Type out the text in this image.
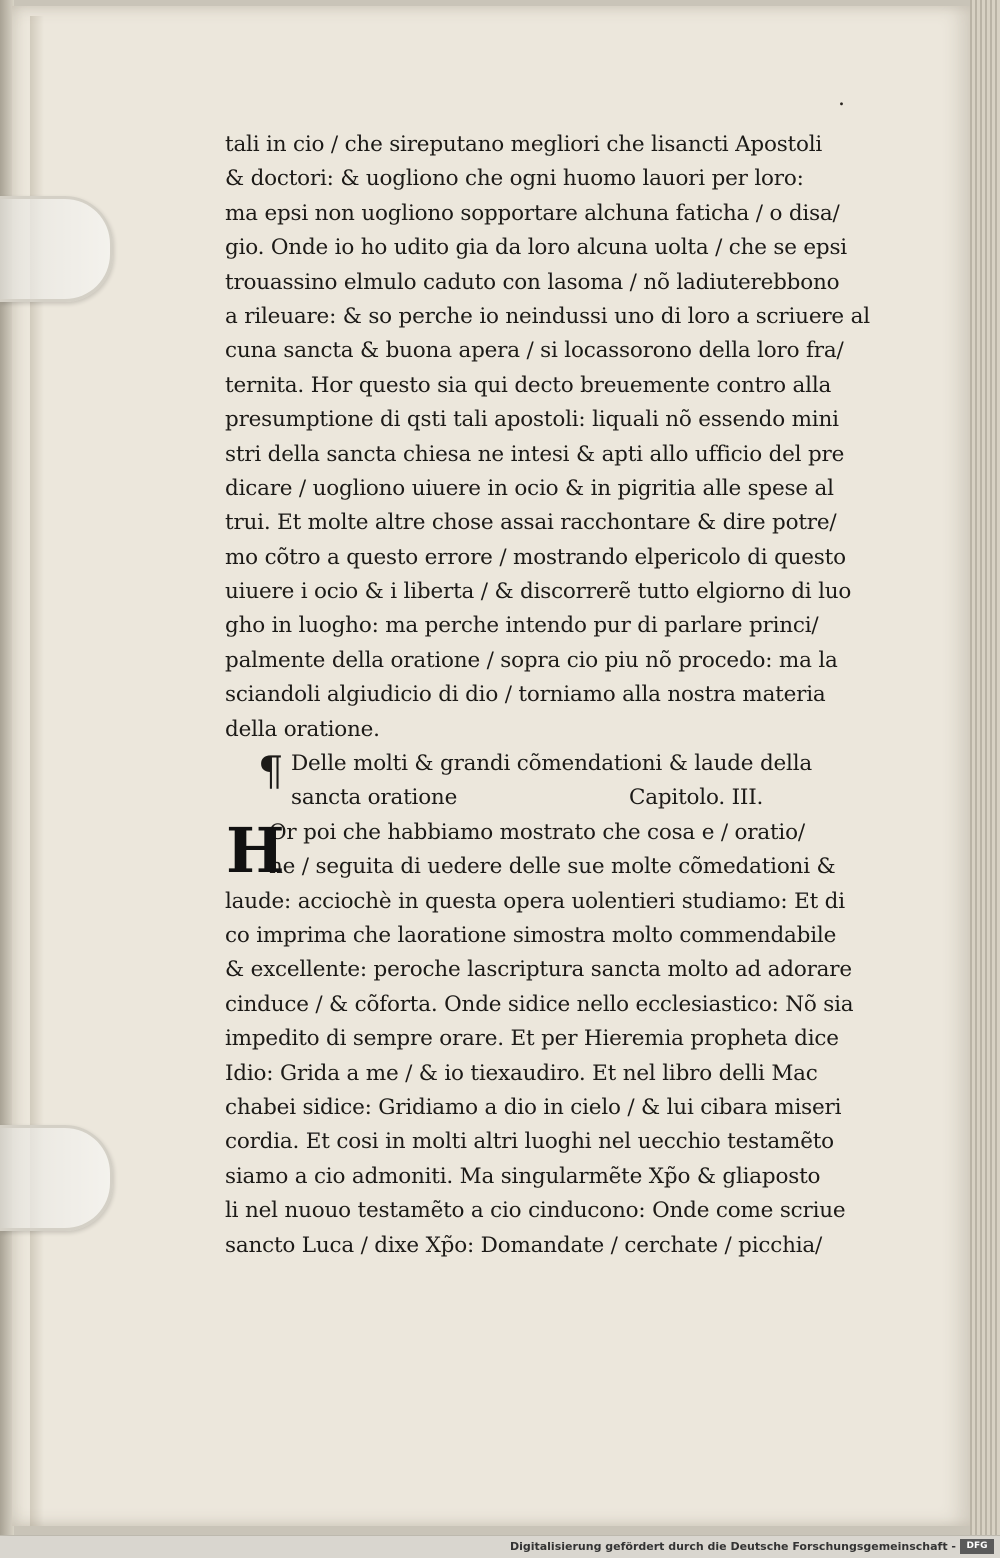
.
tali in cio / che sireputano megliori che lisancti Apostoli
& doctori: & uogliono che ogni huomo lauori per loro:
ma epsi non uogliono sopportare alchuna faticha / o disa/
gio. Onde io ho udito gia da loro alcuna uolta / che se epsi
trouassino elmulo caduto con lasoma / nõ ladiuterebbono
a rileuare: & so perche io neindussi uno di loro a scriuere al
cuna sancta & buona apera / si locassorono della loro fra/
ternita. Hor questo sia qui decto breuemente contro alla
presumptione di qsti tali apostoli: liquali nõ essendo mini
stri della sancta chiesa ne intesi & apti allo ufficio del pre
dicare / uogliono uiuere in ocio & in pigritia alle spese al
trui. Et molte altre chose assai racchontare & dire potre/
mo cõtro a questo errore / mostrando elpericolo di questo
uiuere i ocio & i liberta / & discorrerẽ tutto elgiorno di luo
gho in luogho: ma perche intendo pur di parlare princi/
palmente della oratione / sopra cio piu nõ procedo: ma la
sciandoli algiudicio di dio / torniamo alla nostra materia
della oratione.
Delle molti & grandi cõmendationi & laude della
sancta oratione	Capitolo. III.
Or poi che habbiamo mostrato che cosa e / oratio/
ne / seguita di uedere delle sue molte cõmedationi &
laude: acciochè in questa opera uolentieri studiamo: Et di
co imprima che laoratione simostra molto commendabile
& excellente: peroche lascriptura sancta molto ad adorare
cinduce / & cõforta. Onde sidice nello ecclesiastico: Nõ sia
impedito di sempre orare. Et per Hieremia propheta dice
Idio: Grida a me / & io tiexaudiro. Et nel libro delli Mac
chabei sidice: Gridiamo a dio in cielo / & lui cibara miseri
cordia. Et cosi in molti altri luoghi nel uecchio testamẽto
siamo a cio admoniti. Ma singularmẽte Xp̃o & gliaposto
li nel nuouo testamẽto a cio cinducono: Onde come scriue
sancto Luca / dixe Xp̃o: Domandate / cerchate / picchia/
¶
H
Digitalisierung gefördert durch die Deutsche Forschungsgemeinschaft -	DFG
